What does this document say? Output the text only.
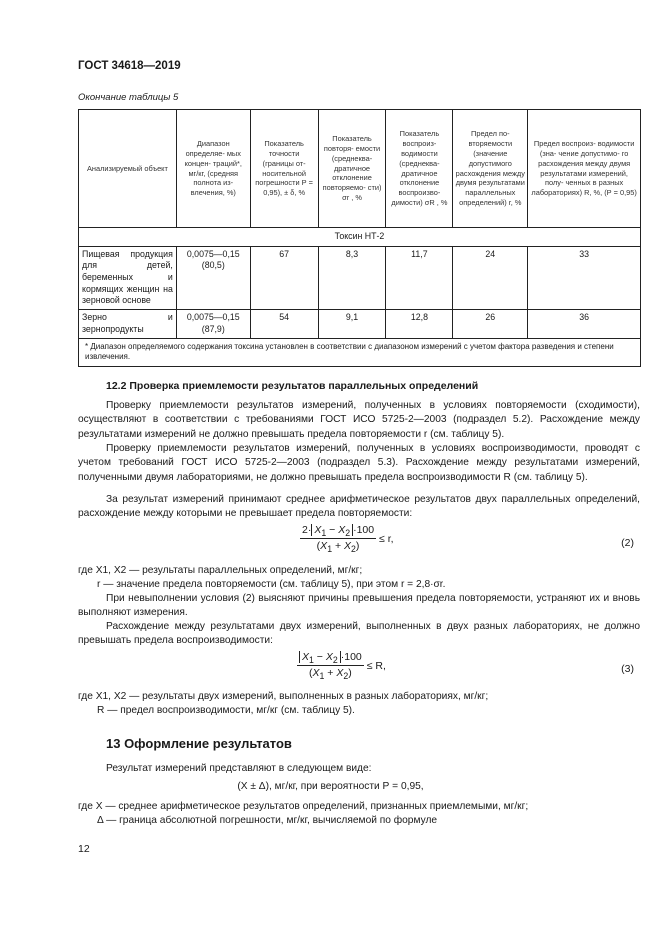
ГОСТ 34618—2019
Окончание таблицы 5
Анализируемый объект	Диапазон определяе- мых концен- траций*, мг/кг, (средняя полнота из- влечения, %)	Показатель точности (границы от- носительной погрешности Р = 0,95), ± δ, %	Показатель повторя- емости (среднеква- дратичное отклонение повторяемо- сти) σr , %	Показатель воспроиз- водимости (среднеква- дратичное отклонение воспроизво- димости) σR , %	Предел по- вторяемости (значение допустимого расхождения между двумя результатами параллельных определений) r, %	Предел воспроиз- водимости (зна- чение допустимо- го расхождения между двумя результатами измерений, полу- ченных в разных лабораториях) R, %, (Р = 0,95)
Токсин НТ-2						
Пищевая продукция для детей, беременных и кормящих женщин на зерновой основе	0,0075—0,15 (80,5)	67	8,3	11,7	24	33
Зерно и зернопродукты	0,0075—0,15 (87,9)	54	9,1	12,8	26	36
* Диапазон определяемого содержания токсина установлен в соответствии с диапазоном измерений с учетом фактора разведения и степени извлечения.						
12.2 Проверка приемлемости результатов параллельных определений
Проверку приемлемости результатов измерений, полученных в условиях повторяемости (сходимости), осуществляют в соответствии с требованиями ГОСТ ИСО 5725-2—2003 (подраздел 5.2). Расхождение между результатами измерений не должно превышать предела повторяемости r (см. таблицу 5).
Проверку приемлемости результатов измерений, полученных в условиях воспроизводимости, проводят с учетом требований ГОСТ ИСО 5725-2—2003 (подраздел 5.3). Расхождение между результатами измерений, полученными двумя лабораториями, не должно превышать предела воспроизводимости R (см. таблицу 5).
За результат измерений принимают среднее арифметическое результатов двух параллельных определений, расхождение между которыми не превышает предела повторяемости:
$\frac{2\cdot X_1 - X_2 \cdot 100}{(X_1 + X_2)} \le r$,	(2)
где X1, X2 — результаты параллельных определений, мг/кг;
r — значение предела повторяемости (см. таблицу 5), при этом r = 2,8·σr.
При невыполнении условия (2) выясняют причины превышения предела повторяемости, устраняют их и вновь выполняют измерения.
Расхождение между результатами двух измерений, выполненных в двух разных лабораториях, не должно превышать предела воспроизводимости:
$\frac{X_1 - X_2 \cdot 100}{(X_1 + X_2)} \le R$,	(3)
где X1, X2 — результаты двух измерений, выполненных в разных лабораториях, мг/кг;
R — предел воспроизводимости, мг/кг (см. таблицу 5).
13 Оформление результатов
Результат измерений представляют в следующем виде:
(X ± Δ), мг/кг, при вероятности Р = 0,95,
где X — среднее арифметическое результатов определений, признанных приемлемыми, мг/кг;
Δ — граница абсолютной погрешности, мг/кг, вычисляемой по формуле
12
